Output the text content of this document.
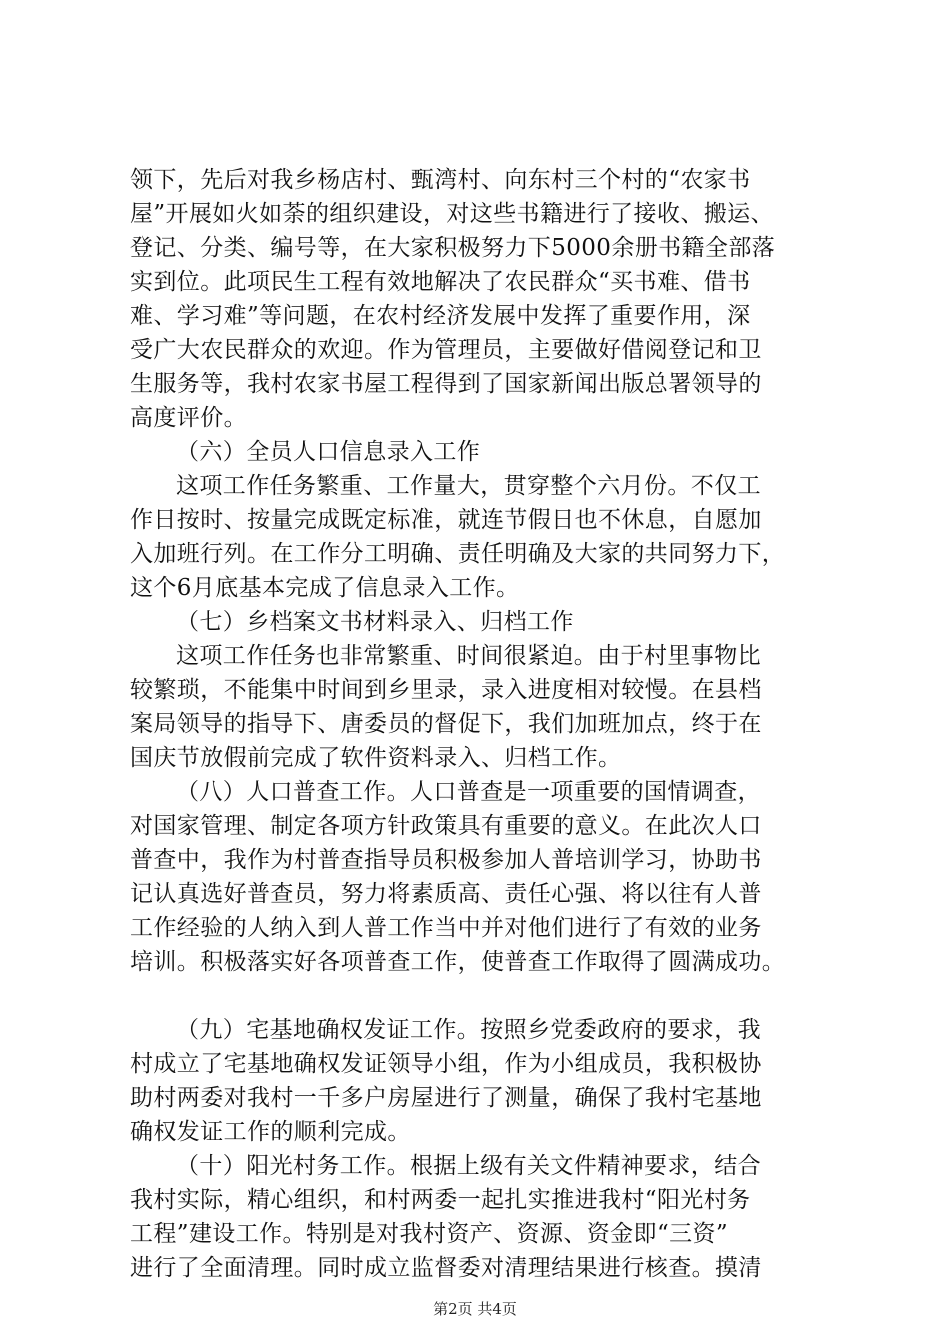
领下，先后对我乡杨店村、甄湾村、向东村三个村的“农家书
屋”开展如火如荼的组织建设，对这些书籍进行了接收、搬运、
登记、分类、编号等，在大家积极努力下5000余册书籍全部落
实到位。此项民生工程有效地解决了农民群众“买书难、借书
难、学习难”等问题，在农村经济发展中发挥了重要作用，深
受广大农民群众的欢迎。作为管理员，主要做好借阅登记和卫
生服务等，我村农家书屋工程得到了国家新闻出版总署领导的
高度评价。
（六）全员人口信息录入工作
这项工作任务繁重、工作量大，贯穿整个六月份。不仅工
作日按时、按量完成既定标准，就连节假日也不休息，自愿加
入加班行列。在工作分工明确、责任明确及大家的共同努力下，
这个6月底基本完成了信息录入工作。
（七）乡档案文书材料录入、归档工作
这项工作任务也非常繁重、时间很紧迫。由于村里事物比
较繁琐，不能集中时间到乡里录，录入进度相对较慢。在县档
案局领导的指导下、唐委员的督促下，我们加班加点，终于在
国庆节放假前完成了软件资料录入、归档工作。
（八）人口普查工作。人口普查是一项重要的国情调查，
对国家管理、制定各项方针政策具有重要的意义。在此次人口
普查中，我作为村普查指导员积极参加人普培训学习，协助书
记认真选好普查员，努力将素质高、责任心强、将以往有人普
工作经验的人纳入到人普工作当中并对他们进行了有效的业务
培训。积极落实好各项普查工作，使普查工作取得了圆满成功。
（九）宅基地确权发证工作。按照乡党委政府的要求，我
村成立了宅基地确权发证领导小组，作为小组成员，我积极协
助村两委对我村一千多户房屋进行了测量，确保了我村宅基地
确权发证工作的顺利完成。
（十）阳光村务工作。根据上级有关文件精神要求，结合
我村实际，精心组织，和村两委一起扎实推进我村“阳光村务
工程”建设工作。特别是对我村资产、资源、资金即“三资”
进行了全面清理。同时成立监督委对清理结果进行核查。摸清
第2页 共4页
